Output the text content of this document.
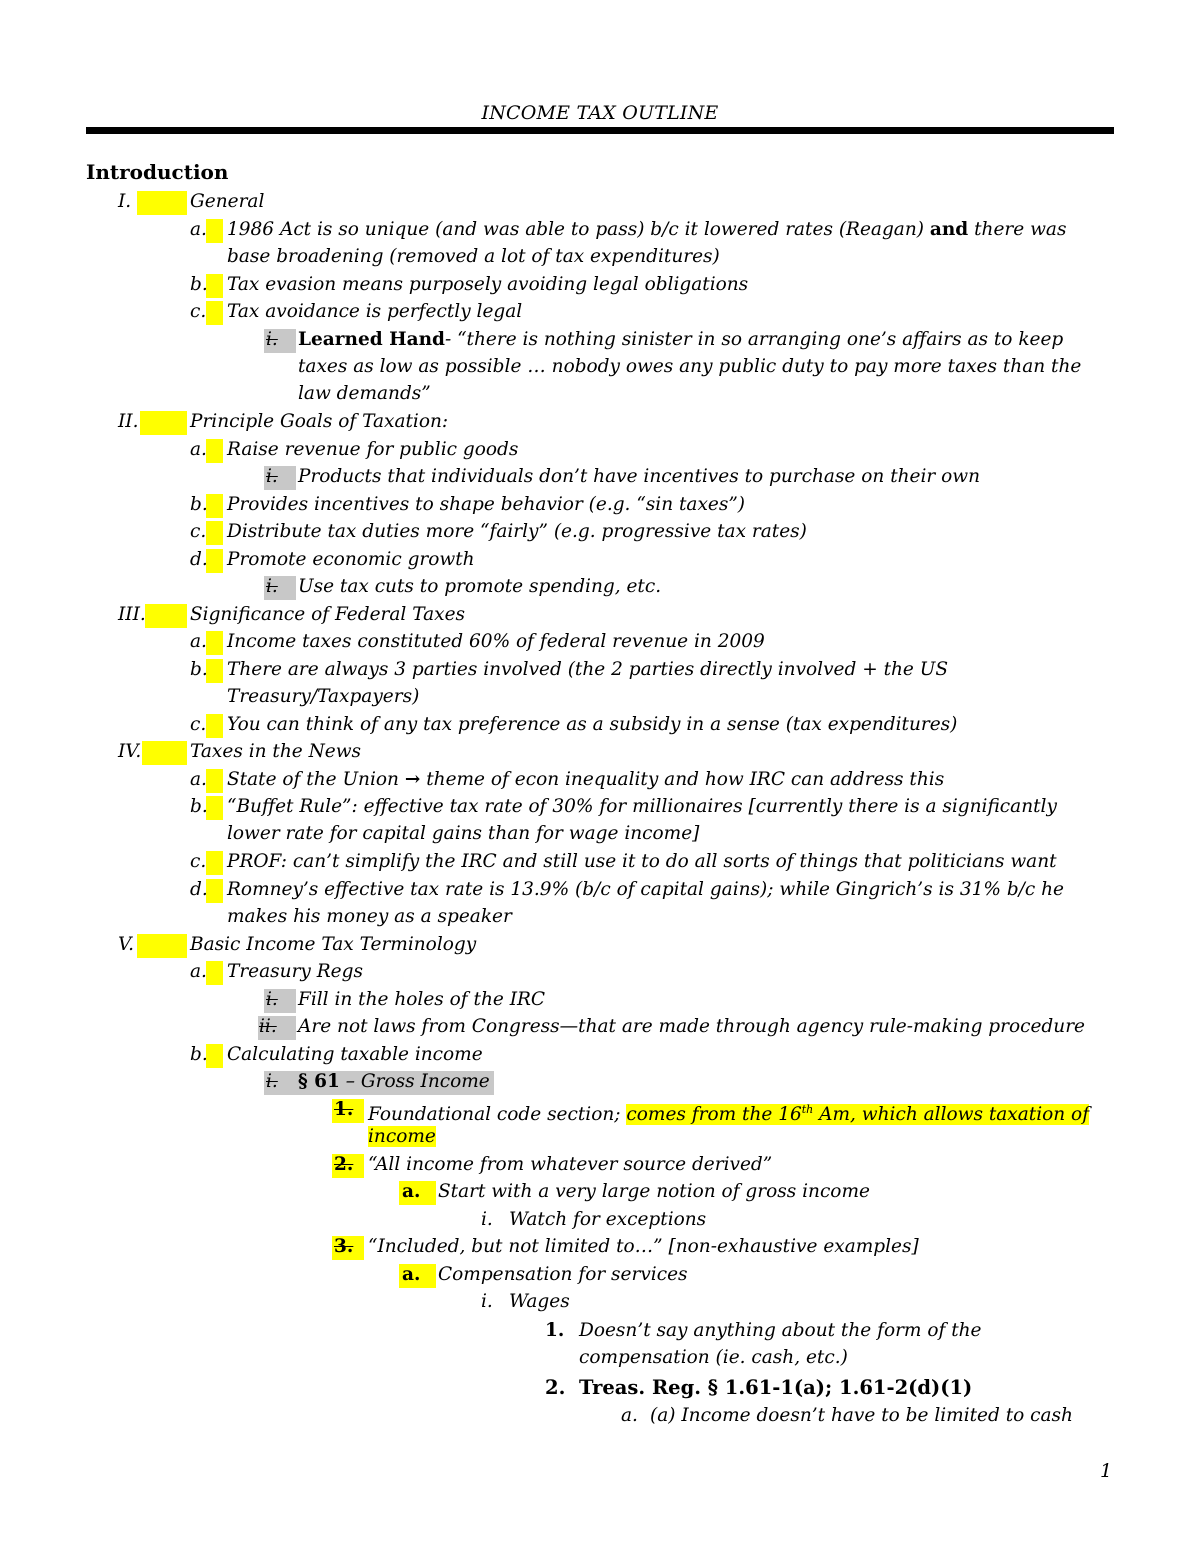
INCOME TAX OUTLINE
Introduction
I.	General
a. 1986 Act is so unique (and was able to pass) b/c it lowered rates (Reagan) and there was
base broadening (removed a lot of tax expenditures)
b. Tax evasion means purposely avoiding legal obligations
c. Tax avoidance is perfectly legal
i. Learned Hand- “there is nothing sinister in so arranging one’s affairs as to keep
taxes as low as possible … nobody owes any public duty to pay more taxes than the
law demands”
II.	Principle Goals of Taxation:
a. Raise revenue for public goods
i. Products that individuals don’t have incentives to purchase on their own
b. Provides incentives to shape behavior (e.g. “sin taxes”)
c. Distribute tax duties more “fairly” (e.g. progressive tax rates)
d. Promote economic growth
i. Use tax cuts to promote spending, etc.
III. Significance of Federal Taxes
a. Income taxes constituted 60% of federal revenue in 2009
b. There are always 3 parties involved (the 2 parties directly involved + the US
Treasury/Taxpayers)
c. You can think of any tax preference as a subsidy in a sense (tax expenditures)
IV.	Taxes in the News
a. State of the Union → theme of econ inequality and how IRC can address this
b. “Buffet Rule”: effective tax rate of 30% for millionaires [currently there is a significantly
lower rate for capital gains than for wage income]
c. PROF: can’t simplify the IRC and still use it to do all sorts of things that politicians want
d. Romney’s effective tax rate is 13.9% (b/c of capital gains); while Gingrich’s is 31% b/c he
makes his money as a speaker
V.	Basic Income Tax Terminology
a. Treasury Regs
i. Fill in the holes of the IRC
ii. Are not laws from Congress—that are made through agency rule-making procedure
b. Calculating taxable income
i. § 61 – Gross Income
1. Foundational code section; comes from the 16th Am, which allows taxation of
income
2. “All income from whatever source derived”
a. Start with a very large notion of gross income
i. Watch for exceptions
3. “Included, but not limited to…” [non-exhaustive examples]
a. Compensation for services
i. Wages
1. Doesn’t say anything about the form of the
compensation (ie. cash, etc.)
2. Treas. Reg. § 1.61-1(a); 1.61-2(d)(1)
a. (a) Income doesn’t have to be limited to cash
1
